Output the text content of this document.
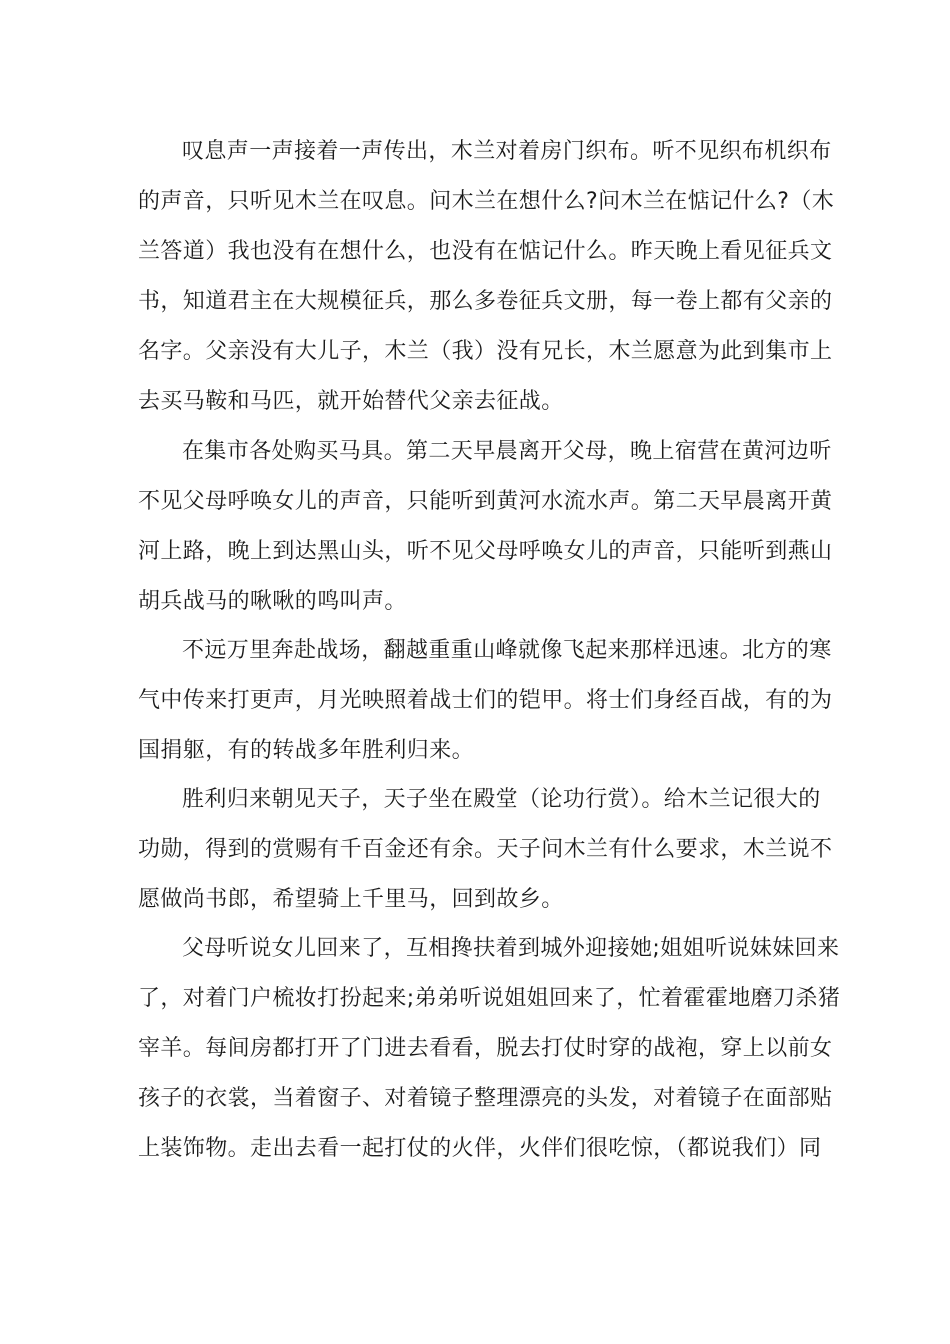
叹息声一声接着一声传出，木兰对着房门织布。听不见织布机织布
的声音，只听见木兰在叹息。问木兰在想什么?问木兰在惦记什么?（木
兰答道）我也没有在想什么，也没有在惦记什么。昨天晚上看见征兵文
书，知道君主在大规模征兵，那么多卷征兵文册，每一卷上都有父亲的
名字。父亲没有大儿子，木兰（我）没有兄长，木兰愿意为此到集市上
去买马鞍和马匹，就开始替代父亲去征战。
在集市各处购买马具。第二天早晨离开父母，晚上宿营在黄河边听
不见父母呼唤女儿的声音，只能听到黄河水流水声。第二天早晨离开黄
河上路，晚上到达黑山头，听不见父母呼唤女儿的声音，只能听到燕山
胡兵战马的啾啾的鸣叫声。
不远万里奔赴战场，翻越重重山峰就像飞起来那样迅速。北方的寒
气中传来打更声，月光映照着战士们的铠甲。将士们身经百战，有的为
国捐躯，有的转战多年胜利归来。
胜利归来朝见天子，天子坐在殿堂（论功行赏）。给木兰记很大的
功勋，得到的赏赐有千百金还有余。天子问木兰有什么要求，木兰说不
愿做尚书郎，希望骑上千里马，回到故乡。
父母听说女儿回来了，互相搀扶着到城外迎接她;姐姐听说妹妹回来
了，对着门户梳妆打扮起来;弟弟听说姐姐回来了，忙着霍霍地磨刀杀猪
宰羊。每间房都打开了门进去看看，脱去打仗时穿的战袍，穿上以前女
孩子的衣裳，当着窗子、对着镜子整理漂亮的头发，对着镜子在面部贴
上装饰物。走出去看一起打仗的火伴，火伴们很吃惊，（都说我们）同
